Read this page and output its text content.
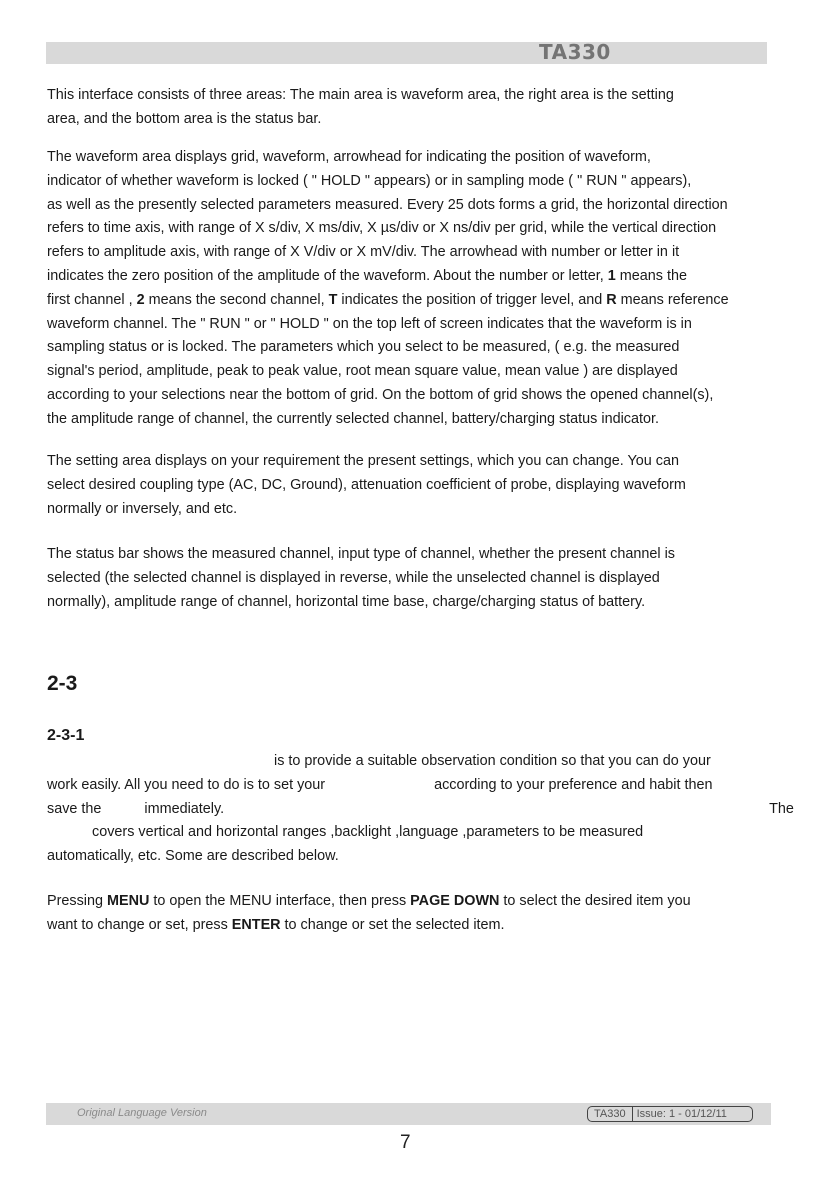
TA330

This interface consists of three areas: The main area is waveform area, the right area is the setting
area, and the bottom area is the status bar.

The waveform area displays grid, waveform, arrowhead for indicating the position of waveform,
indicator of whether waveform is locked ( " HOLD " appears) or in sampling mode ( " RUN " appears),
as well as the presently selected parameters measured. Every 25 dots forms a grid, the horizontal direction
refers to time axis, with range of X s/div, X ms/div, X µs/div or X ns/div per grid, while the vertical direction
refers to amplitude axis, with range of X V/div or X mV/div. The arrowhead with number or letter in it
indicates the zero position of the amplitude of the waveform. About the number or letter, 1 means the
first channel , 2 means the second channel, T indicates the position of trigger level, and R means reference
waveform channel. The " RUN " or " HOLD " on the top left of screen indicates that the waveform is in
sampling status or is locked. The parameters which you select to be measured, ( e.g. the measured
signal's period, amplitude, peak to peak value, root mean square value, mean value ) are displayed
according to your selections near the bottom of grid. On the bottom of grid shows the opened channel(s),
the amplitude range of channel, the currently selected channel, battery/charging status indicator.

The setting area displays on your requirement the present settings, which you can change. You can
select desired coupling type (AC, DC, Ground), attenuation coefficient of probe, displaying waveform
normally or inversely, and etc.

The status bar shows the measured channel, input type of channel, whether the present channel is
selected (the selected channel is displayed in reverse, while the unselected channel is displayed
normally), amplitude range of channel, horizontal time base, charge/charging status of battery.

2-3
2-3-1

is to provide a suitable observation condition so that you can do your
work easily. All you need to do is to set your	according to your preference and habit then
save the	immediately.	The
covers vertical and horizontal ranges ,backlight ,language ,parameters to be measured
automatically, etc. Some are described below.

Pressing MENU to open the MENU interface, then press PAGE DOWN to select the desired item you
want to change or set, press ENTER to change or set the selected item.

Original Language Version	TA330	Issue: 1 - 01/12/11
7
